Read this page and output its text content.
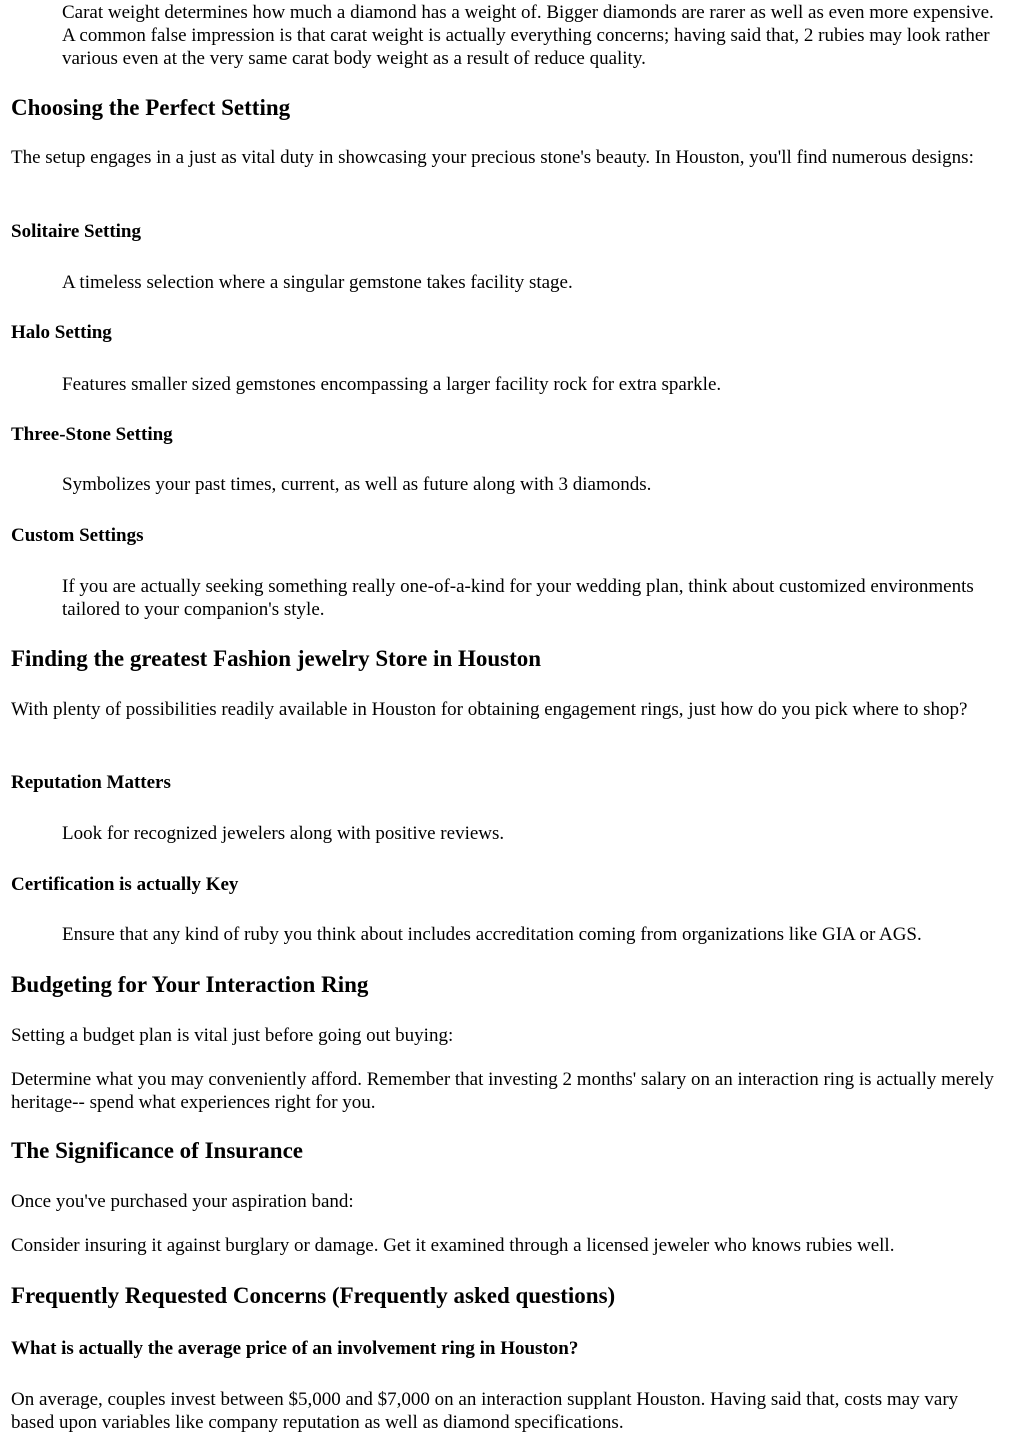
Carat weight determines how much a diamond has a weight of. Bigger diamonds are rarer as well as even more expensive. A common false impression is that carat weight is actually everything concerns; having said that, 2 rubies may look rather various even at the very same carat body weight as a result of reduce quality.

Choosing the Perfect Setting

The setup engages in a just as vital duty in showcasing your precious stone's beauty. In Houston, you'll find numerous designs:

Solitaire Setting

A timeless selection where a singular gemstone takes facility stage.

Halo Setting

Features smaller sized gemstones encompassing a larger facility rock for extra sparkle.

Three-Stone Setting

Symbolizes your past times, current, as well as future along with 3 diamonds.

Custom Settings

If you are actually seeking something really one-of-a-kind for your wedding plan, think about customized environments tailored to your companion's style.

Finding the greatest Fashion jewelry Store in Houston

With plenty of possibilities readily available in Houston for obtaining engagement rings, just how do you pick where to shop?

Reputation Matters

Look for recognized jewelers along with positive reviews.

Certification is actually Key

Ensure that any kind of ruby you think about includes accreditation coming from organizations like GIA or AGS.

Budgeting for Your Interaction Ring

Setting a budget plan is vital just before going out buying:

Determine what you may conveniently afford. Remember that investing 2 months' salary on an interaction ring is actually merely heritage-- spend what experiences right for you.

The Significance of Insurance

Once you've purchased your aspiration band:

Consider insuring it against burglary or damage. Get it examined through a licensed jeweler who knows rubies well.

Frequently Requested Concerns (Frequently asked questions)
What is actually the average price of an involvement ring in Houston?

On average, couples invest between $5,000 and $7,000 on an interaction supplant Houston. Having said that, costs may vary based upon variables like company reputation as well as diamond specifications.
